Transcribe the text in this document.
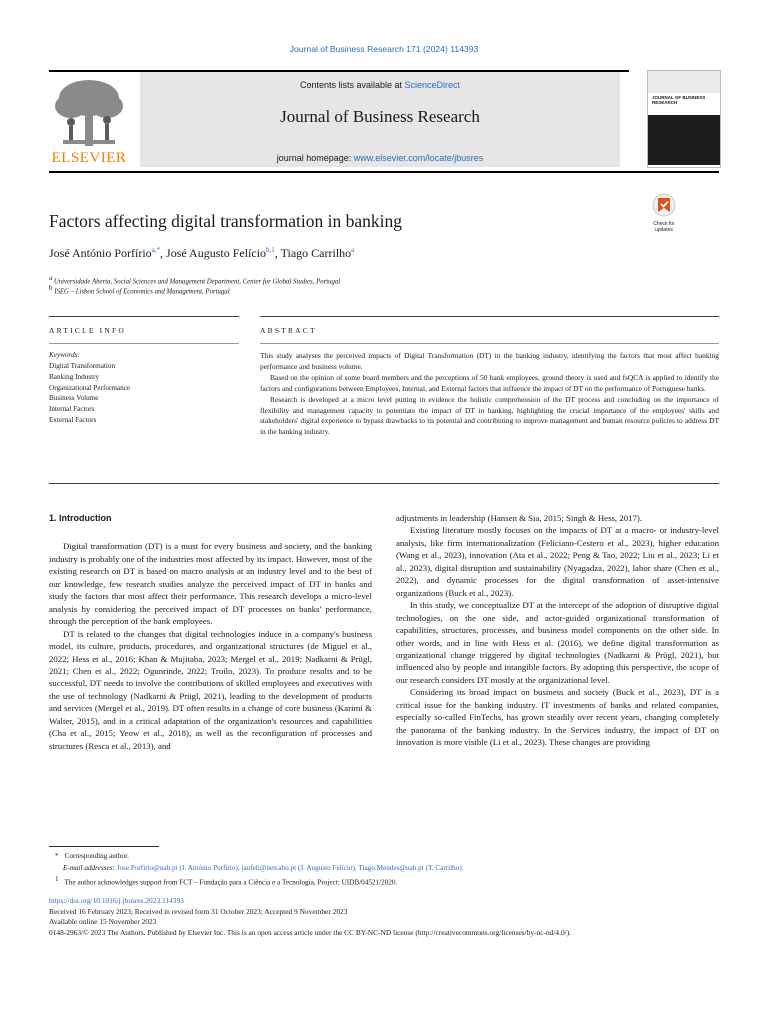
Journal of Business Research 171 (2024) 114393
ELSEVIER
Contents lists available at ScienceDirect
Journal of Business Research
journal homepage: www.elsevier.com/locate/jbusres
JOURNAL OF BUSINESS RESEARCH
Factors affecting digital transformation in banking	Check for updates
José António Porfírio$^{a,*}$, José Augusto Felício$^{b,1}$, Tiago Carrilho$^a$
$^a$ Universidade Aberta, Social Sciences and Management Department, Center for Global Studies, Portugal
$^b$ ISEG – Lisbon School of Economics and Management, Portugal
ARTICLE INFO	ABSTRACT
Keywords:
Digital Transformation
Banking Industry
Organizational Performance
Business Volume
Internal Factors
External Factors

This study analyses the perceived impacts of Digital Transformation (DT) in the banking industry, identifying the factors that most affect banking performance and business volume.

Based on the opinion of some board members and the perceptions of 50 bank employees, ground theory is used and fsQCA is applied to identify the factors and configurations between Employees, Internal, and External factors that influence the impact of DT on the performance of Portuguese banks.

Research is developed at a micro level putting in evidence the holistic comprehension of the DT process and concluding on the importance of flexibility and management capacity to potentiate the impact of DT in banking, highlighting the crucial importance of the employees' skills and stakeholders' digital experience to bypass drawbacks to its potential and contributing to improve management and human resource policies to address DT in the banking industry.

1. Introduction

Digital transformation (DT) is a must for every business and society, and the banking industry is probably one of the industries most affected by its impact. However, most of the existing research on DT is based on macro analysis at an industry level and to the best of our knowledge, few research studies analyze the perceived impact of DT in banks and study the factors that most affect their performance. This research develops a micro-level analysis by considering the perceived impact of DT processes on banks' performance, through the perception of the bank employees.

DT is related to the changes that digital technologies induce in a company's business model, its culture, products, procedures, and organizational structures (de Miguel et al., 2022; Hess et al., 2016; Khan & Mujitaba, 2023; Mergel et al., 2019; Nadkarni & Prügl, 2021; Chen et al., 2022; Ogunrinde, 2022; Troilo, 2023). To produce results and to be successful, DT needs to involve the contributions of skilled employees and executives with the use of technology (Nadkarni & Prügl, 2021), leading to the development of products and services (Mergel et al., 2019). DT often results in a change of core business (Karimi & Walter, 2015), and in a critical adaptation of the organization's resources and capabilities (Cha et al., 2015; Yeow et al., 2018), as well as the reconfiguration of processes and structures (Resca et al., 2013), and

adjustments in leadership (Hansen & Sia, 2015; Singh & Hess, 2017).

Existing literature mostly focuses on the impacts of DT at a macro- or industry-level analysis, like firm internationalization (Feliciano-Cestero et al., 2023), higher education (Wang et al., 2023), innovation (Ata et al., 2022; Peng & Tao, 2022; Liu et al., 2023; Li et al., 2023), digital disruption and sustainability (Nyagadza, 2022), labor share (Chen et al., 2022), and dynamic processes for the digital transformation of asset-intensive organizations (Buck et al., 2023).

In this study, we conceptualize DT at the intercept of the adoption of disruptive digital technologies, on the one side, and actor-guided organizational transformation of capabilities, structures, processes, and business model components on the other side. In other words, and in line with Hess et al. (2016), we define digital transformation as organizational change triggered by digital technologies (Nadkarni & Prügl, 2021), but influenced also by people and intangible factors. By adopting this perspective, the scope of our research considers DT mostly at the organizational level.

Considering its broad impact on business and society (Buck et al., 2023), DT is a critical issue for the banking industry. IT investments of banks and related companies, especially so-called FinTechs, has grown steadily over recent years, changing completely the panorama of the banking industry. In the Services industry, the impact of DT on innovation is more visible (Li et al., 2023). These changes are providing

* Corresponding author.
E-mail addresses: Jose.Porfirio@uab.pt (J. António Porfírio), jaufeli@netcabo.pt (J. Augusto Felício), Tiago.Mendes@uab.pt (T. Carrilho).
$^1$ The author acknowledges support from FCT – Fundação para a Ciência e a Tecnologia, Project: UIDB/04521/2020.
https://doi.org/10.1016/j.jbusres.2023.114393
Received 16 February 2023; Received in revised form 31 October 2023; Accepted 9 November 2023
Available online 15 November 2023
0148-2963/© 2023 The Authors. Published by Elsevier Inc. This is an open access article under the CC BY-NC-ND license (http://creativecommons.org/licenses/by-nc-nd/4.0/).
